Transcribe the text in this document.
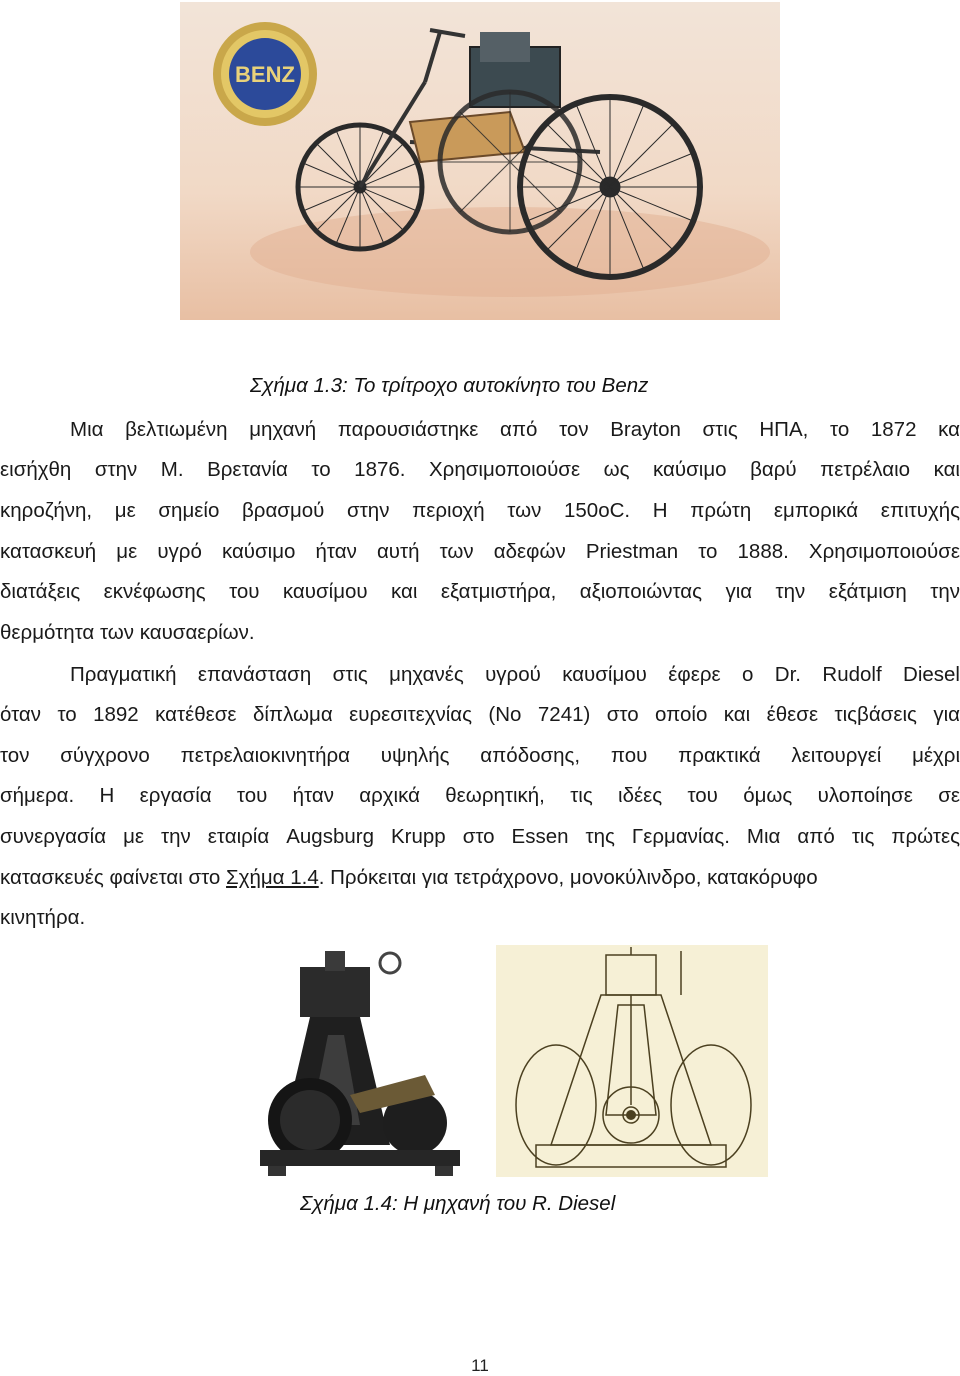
BENZ
Σχήμα 1.3: Το τρίτροχο αυτοκίνητο του Benz
Μια βελτιωμένη μηχανή παρουσιάστηκε από τον Brayton στις ΗΠΑ, το 1872 κα
εισήχθη στην Μ. Βρετανία το 1876. Χρησιμοποιούσε ως καύσιμο βαρύ πετρέλαιο και
κηροζήνη, με σημείο βρασμού στην περιοχή των 150oC. Η πρώτη εμπορικά επιτυχής
κατασκευή με υγρό καύσιμο ήταν αυτή των αδεφών Priestman το 1888. Χρησιμοποιούσε
διατάξεις εκνέφωσης του καυσίμου και εξατμιστήρα, αξιοποιώντας για την εξάτμιση την
θερμότητα των καυσαερίων.
Πραγματική επανάσταση στις μηχανές υγρού καυσίμου έφερε ο Dr. Rudolf Diesel
όταν το 1892 κατέθεσε δίπλωμα ευρεσιτεχνίας (Νο 7241) στο οποίο και έθεσε τιςβάσεις για
τον σύγχρονο πετρελαιοκινητήρα υψηλής απόδοσης, που πρακτικά λειτουργεί μέχρι
σήμερα. Η εργασία του ήταν αρχικά θεωρητική, τις ιδέες του όμως υλοποίησε σε
συνεργασία με την εταιρία Augsburg Krupp στο Essen της Γερμανίας. Μια από τις πρώτες
κατασκευές φαίνεται στο Σχήμα 1.4. Πρόκειται για τετράχρονο, μονοκύλινδρο, κατακόρυφο
κινητήρα.
Σχήμα 1.4: Η μηχανή του R. Diesel
11
